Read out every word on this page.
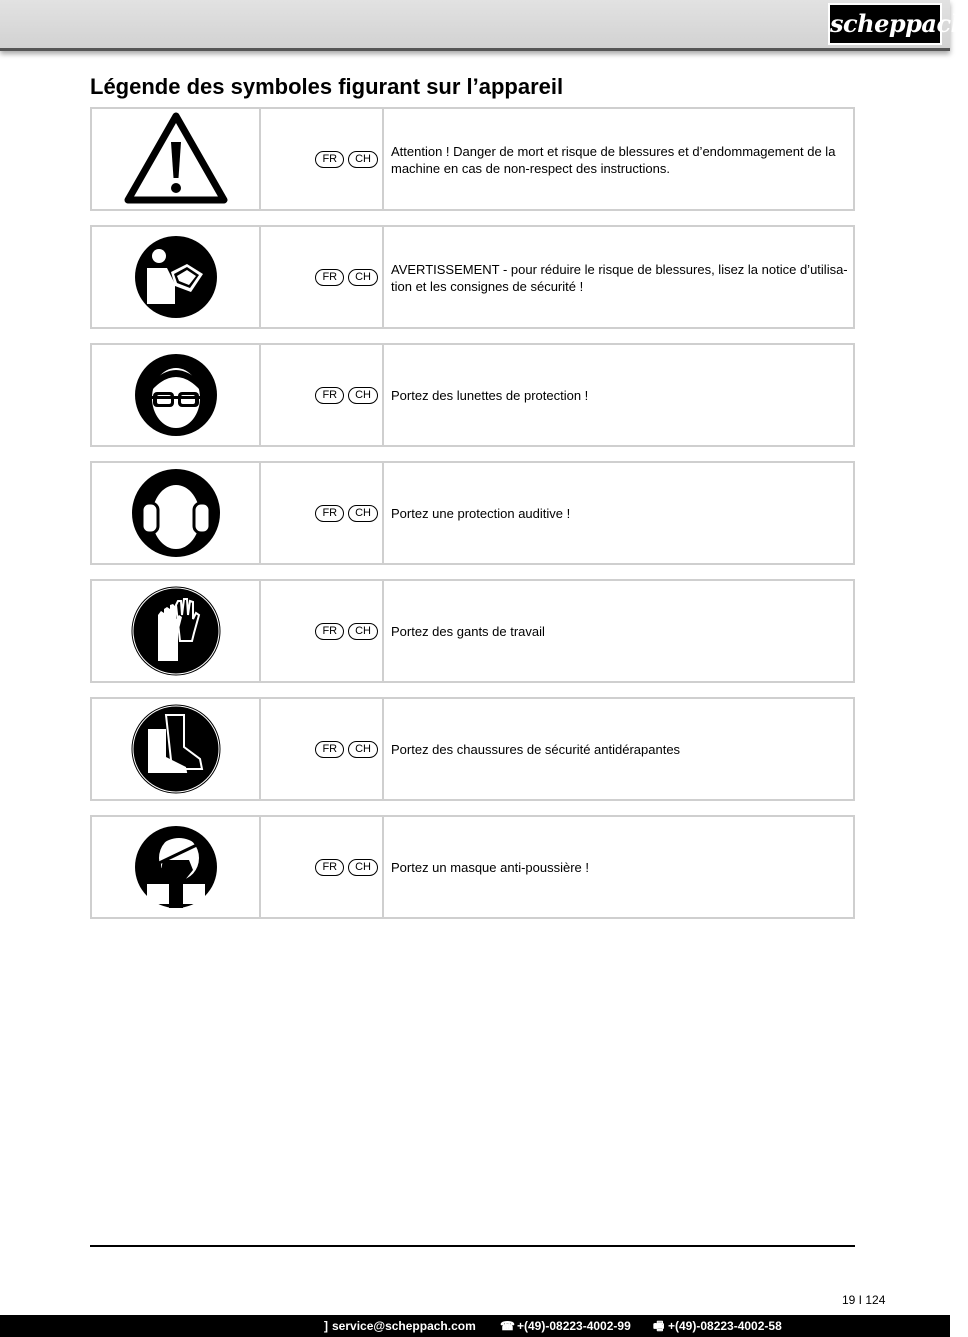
scheppach
Légende des symboles figurant sur l’appareil
FR	CH	Attention ! Danger de mort et risque de blessures et d’endommagement de la machine en cas de non-respect des instructions.
FR	CH	AVERTISSEMENT - pour réduire le risque de blessures, lisez la notice d’utilisa-tion et les consignes de sécurité !
FR	CH	Portez des lunettes de protection !
FR	CH	Portez une protection auditive !
FR	CH	Portez des gants de travail
FR	CH	Portez des chaussures de sécurité antidérapantes
FR	CH	Portez un masque anti-poussière !
19 I 124
] service@scheppach.com ☎ +(49)-08223-4002-99 🖷 +(49)-08223-4002-58
